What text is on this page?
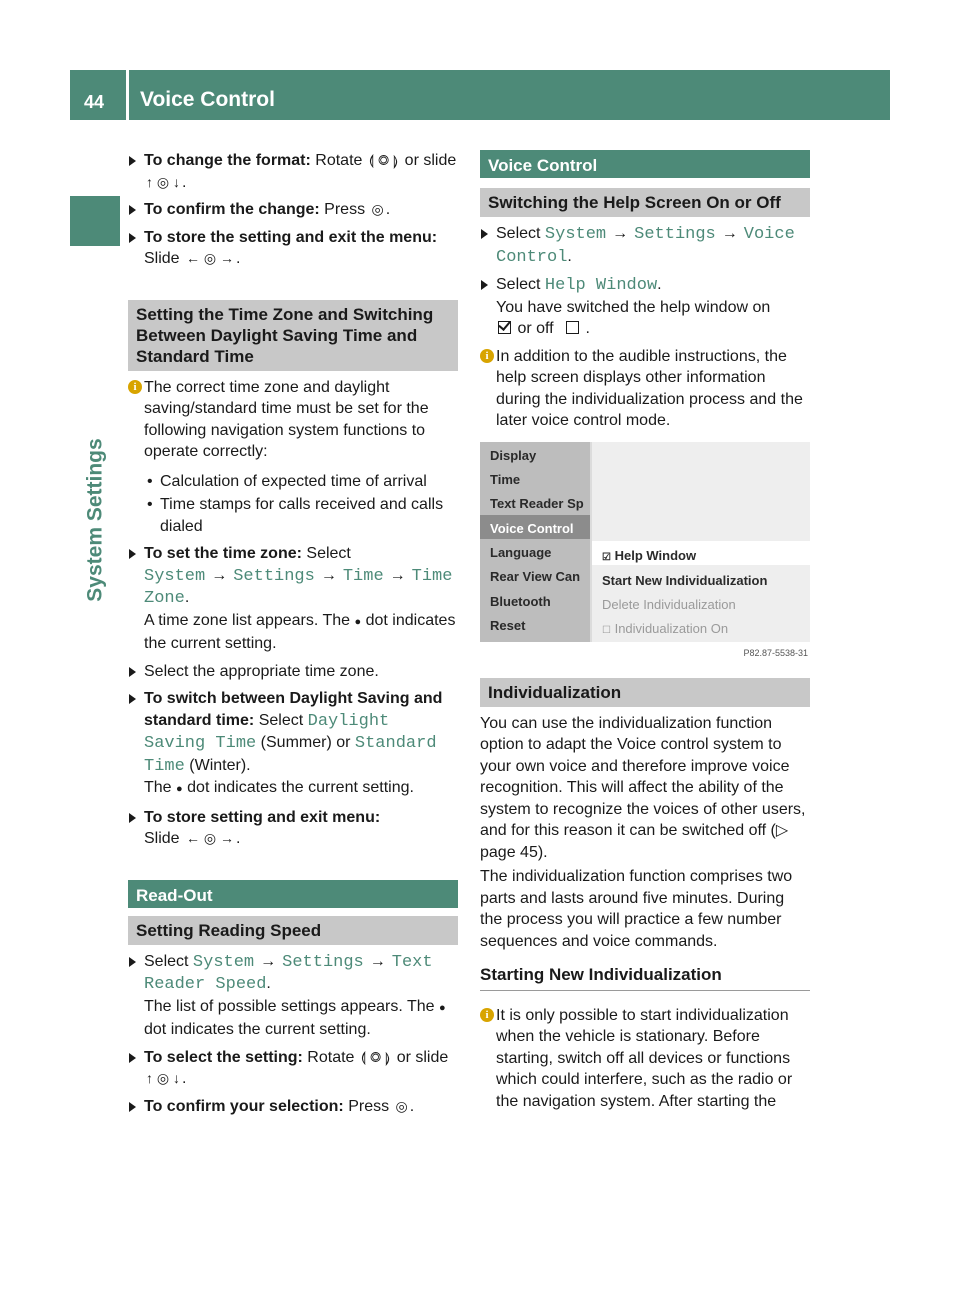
44 Voice Control
System Settings
To change the format: Rotate ⟬ ◎ ⟭ or slide ↑ ◎ ↓ .
To confirm the change: Press ◎ .
To store the setting and exit the menu: Slide ← ◎ → .
Setting the Time Zone and Switching Between Daylight Saving Time and Standard Time
i The correct time zone and daylight saving/standard time must be set for the following navigation system functions to operate correctly:
• Calculation of expected time of arrival
• Time stamps for calls received and calls dialed
To set the time zone: Select System → Settings → Time → Time Zone.
A time zone list appears. The ● dot indicates the current setting.
Select the appropriate time zone.
To switch between Daylight Saving and standard time: Select Daylight Saving Time (Summer) or Standard Time (Winter).
The ● dot indicates the current setting.
To store setting and exit menu:
Slide ← ◎ → .
Read-Out
Setting Reading Speed
Select System → Settings → Text Reader Speed.
The list of possible settings appears. The ● dot indicates the current setting.
To select the setting: Rotate ⟬ ◎ ⟭ or slide ↑ ◎ ↓ .
To confirm your selection: Press ◎ .
Voice Control
Switching the Help Screen On or Off
Select System → Settings → Voice Control.
Select Help Window.
You have switched the help window on
or off  .
i In addition to the audible instructions, the help screen displays other information during the individualization process and the later voice control mode.
Display
Time
Text Reader Sp
Voice Control
Language
Rear View Can
Bluetooth
Reset
☑ Help Window
Start New Individualization
Delete Individualization
☐ Individualization On
P82.87-5538-31
Individualization
You can use the individualization function option to adapt the Voice control system to your own voice and therefore improve voice recognition. This will affect the ability of the system to recognize the voices of other users, and for this reason it can be switched off (▷ page 45).
The individualization function comprises two parts and lasts around five minutes. During the process you will practice a few number sequences and voice commands.
Starting New Individualization
i It is only possible to start individualization when the vehicle is stationary. Before starting, switch off all devices or functions which could interfere, such as the radio or the navigation system. After starting the
